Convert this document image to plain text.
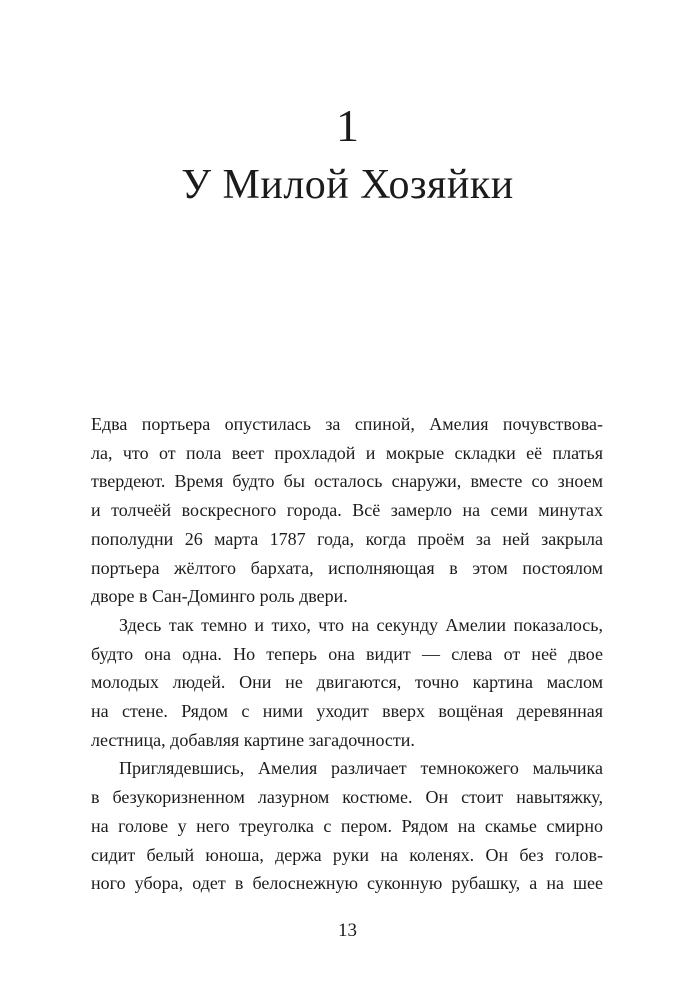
1
У Милой Хозяйки
Едва портьера опустилась за спиной, Амелия почувствова-
ла, что от пола веет прохладой и мокрые складки её платья
твердеют. Время будто бы осталось снаружи, вместе со зноем
и толчеёй воскресного города. Всё замерло на семи минутах
пополудни 26 марта 1787 года, когда проём за ней закрыла
портьера жёлтого бархата, исполняющая в этом постоялом
дворе в Сан-Доминго роль двери.
Здесь так темно и тихо, что на секунду Амелии показалось,
будто она одна. Но теперь она видит — слева от неё двое
молодых людей. Они не двигаются, точно картина маслом
на стене. Рядом с ними уходит вверх вощёная деревянная
лестница, добавляя картине загадочности.
Приглядевшись, Амелия различает темнокожего мальчика
в безукоризненном лазурном костюме. Он стоит навытяжку,
на голове у него треуголка с пером. Рядом на скамье смирно
сидит белый юноша, держа руки на коленях. Он без голов-
ного убора, одет в белоснежную суконную рубашку, а на шее
13
